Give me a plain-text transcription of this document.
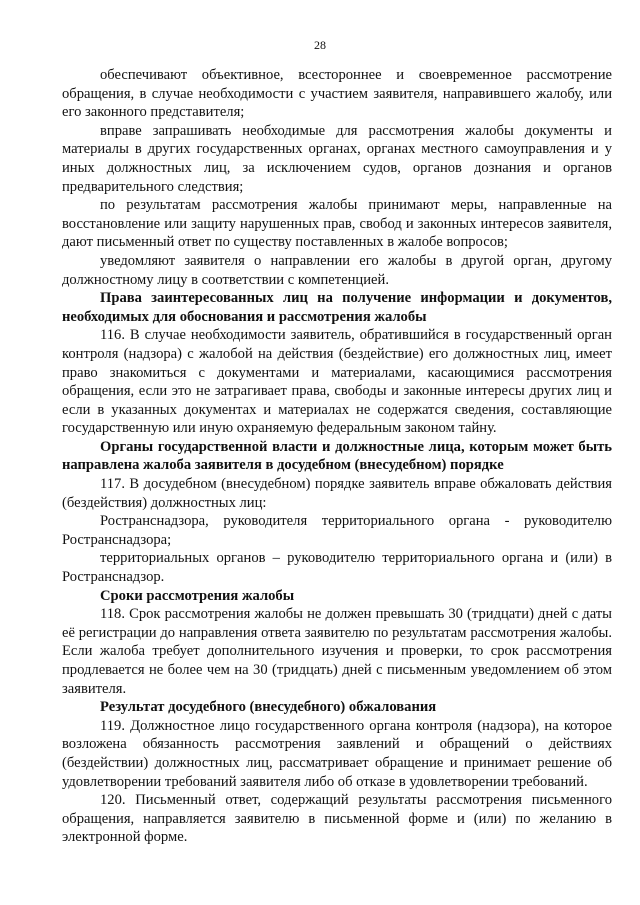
28

обеспечивают объективное, всестороннее и своевременное рассмотрение обращения, в случае необходимости с участием заявителя, направившего жалобу, или его законного представителя;

вправе запрашивать необходимые для рассмотрения жалобы документы и материалы в других государственных органах, органах местного самоуправления и у иных должностных лиц, за исключением судов, органов дознания и органов предварительного следствия;

по результатам рассмотрения жалобы принимают меры, направленные на восстановление или защиту нарушенных прав, свобод и законных интересов заявителя, дают письменный ответ по существу поставленных в жалобе вопросов;

уведомляют заявителя о направлении его жалобы в другой орган, другому должностному лицу в соответствии с компетенцией.

Права заинтересованных лиц на получение информации и документов, необходимых для обоснования и рассмотрения жалобы

116. В случае необходимости заявитель, обратившийся в государственный орган контроля (надзора) с жалобой на действия (бездействие) его должностных лиц, имеет право знакомиться с документами и материалами, касающимися рассмотрения обращения, если это не затрагивает права, свободы и законные интересы других лиц и если в указанных документах и материалах не содержатся сведения, составляющие государственную или иную охраняемую федеральным законом тайну.

Органы государственной власти и должностные лица, которым может быть направлена жалоба заявителя в досудебном (внесудебном) порядке

117. В досудебном (внесудебном) порядке заявитель вправе обжаловать действия (бездействия) должностных лиц:

Ространснадзора, руководителя территориального органа - руководителю Ространснадзора;

территориальных органов – руководителю территориального органа и (или) в Ространснадзор.

Сроки рассмотрения жалобы

118. Срок рассмотрения жалобы не должен превышать 30 (тридцати) дней с даты её регистрации до направления ответа заявителю по результатам рассмотрения жалобы. Если жалоба требует дополнительного изучения и проверки, то срок рассмотрения продлевается не более чем на 30 (тридцать) дней с письменным уведомлением об этом заявителя.

Результат досудебного (внесудебного) обжалования

119. Должностное лицо государственного органа контроля (надзора), на которое возложена обязанность рассмотрения заявлений и обращений о действиях (бездействии) должностных лиц, рассматривает обращение и принимает решение об удовлетворении требований заявителя либо об отказе в удовлетворении требований.

120. Письменный ответ, содержащий результаты рассмотрения письменного обращения, направляется заявителю в письменной форме и (или) по желанию в электронной форме.
